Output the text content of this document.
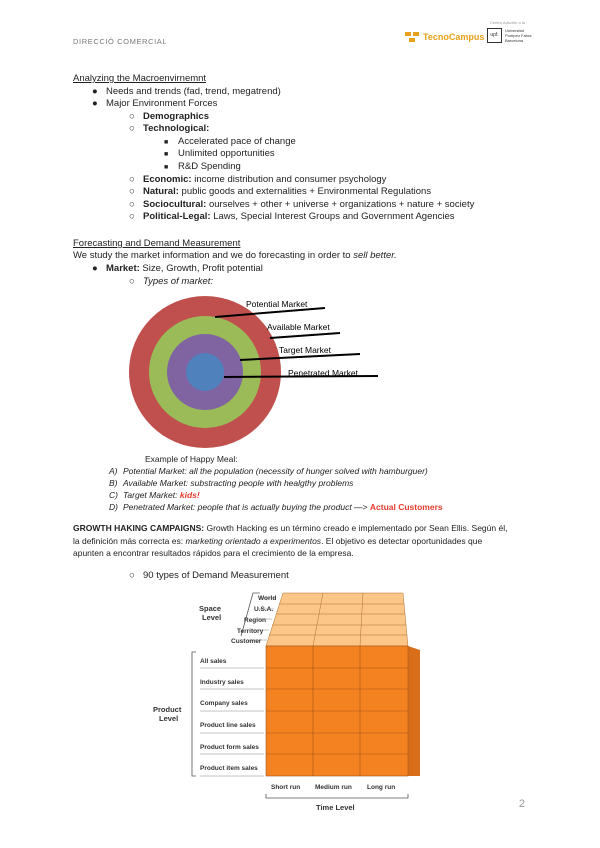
DIRECCIÓ COMERCIAL
Centro Adscrito a la
TecnoCampus	upf.
Universitat
Pompeu Fabra
Barcelona
Analyzing the Macroenvirnemnt
● Needs and trends (fad, trend, megatrend)
● Major Environment Forces
○ Demographics
○ Technological:
■ Accelerated pace of change
■ Unlimited opportunities
■ R&D Spending
○ Economic: income distribution and consumer psychology
○ Natural: public goods and externalities + Environmental Regulations
○ Sociocultural: ourselves + other + universe + organizations + nature + society
○ Political-Legal: Laws, Special Interest Groups and Government Agencies
Forecasting and Demand Measurement
We study the market information and we do forecasting in order to sell better.
● Market: Size, Growth, Profit potential
○ Types of market:
Potential Market
Available Market
Target Market
Penetrated Market
Example of Happy Meal:
A) Potential Market: all the population (necessity of hunger solved with hamburguer)
B) Available Market: substracting people with healgthy problems
C) Target Market: kids!
D) Penetrated Market: people that is actually buying the product —> Actual Customers
GROWTH HAKING CAMPAIGNS: Growth Hacking es un término creado e implementado por Sean Ellis. Según él,
la definición más correcta es: marketing orientado a experimentos. El objetivo es detectar oportunidades que
apunten a encontrar resultados rápidos para el crecimiento de la empresa.
○ 90 types of Demand Measurement
Space
Level
World
U.S.A.
Region
Territory
Customer
Product
Level
All sales
Industry sales
Company sales
Product line sales
Product form sales
Product item sales
Short run Medium run Long run
Time Level	2
